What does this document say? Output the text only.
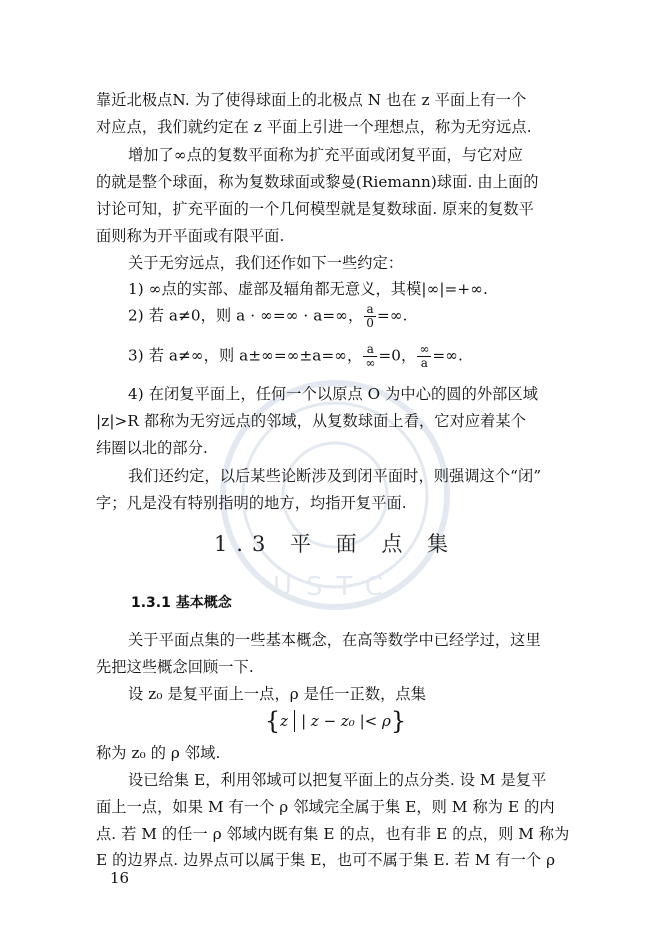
USTC
靠近北极点N. 为了使得球面上的北极点 N 也在 z 平面上有一个
对应点，我们就约定在 z 平面上引进一个理想点，称为无穷远点.
增加了∞点的复数平面称为扩充平面或闭复平面，与它对应
的就是整个球面，称为复数球面或黎曼(Riemann)球面. 由上面的
讨论可知，扩充平面的一个几何模型就是复数球面. 原来的复数平
面则称为开平面或有限平面.
关于无穷远点，我们还作如下一些约定：
1) ∞点的实部、虚部及辐角都无意义，其模|∞|=+∞.
2) 若 a≠0，则 a · ∞=∞ · a=∞， $\frac{a}{0}$ =∞.
3) 若 a≠∞，则 a±∞=∞±a=∞， $\frac{a}{\infty} =0$， $\frac{\infty}{a}$ =∞.
4) 在闭复平面上，任何一个以原点 O 为中心的圆的外部区域
|z|>R 都称为无穷远点的邻域，从复数球面上看，它对应着某个
纬圈以北的部分.
我们还约定，以后某些论断涉及到闭平面时，则强调这个“闭”
字；凡是没有特别指明的地方，均指开复平面.
1.3 平 面 点 集
1.3.1 基本概念
关于平面点集的一些基本概念，在高等数学中已经学过，这里
先把这些概念回顾一下.
设 z₀ 是复平面上一点，ρ 是任一正数，点集
{z | z − z₀ |< ρ}
称为 z₀ 的 ρ 邻域.
设已给集 E，利用邻域可以把复平面上的点分类. 设 M 是复平
面上一点，如果 M 有一个 ρ 邻域完全属于集 E，则 M 称为 E 的内
点. 若 M 的任一 ρ 邻域内既有集 E 的点，也有非 E 的点，则 M 称为
E 的边界点. 边界点可以属于集 E，也可不属于集 E. 若 M 有一个 ρ
16
